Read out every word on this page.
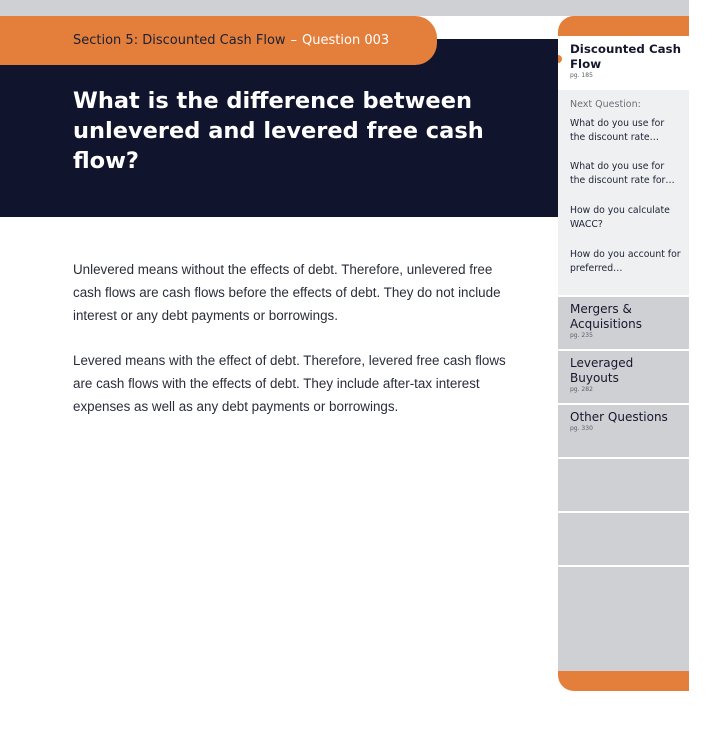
Section 5: Discounted Cash Flow – Question 003
What is the difference between unlevered and levered free cash flow?

Unlevered means without the effects of debt. Therefore, unlevered free cash flows are cash flows before the effects of debt. They do not include interest or any debt payments or borrowings.

Levered means with the effect of debt. Therefore, levered free cash flows are cash flows with the effects of debt. They include after-tax interest expenses as well as any debt payments or borrowings.

Discounted Cash Flow
pg. 185
Next Question:
What do you use for the discount rate…
What do you use for the discount rate for…
How do you calculate WACC?
How do you account for preferred…
Mergers & Acquisitions
pg. 235
Leveraged Buyouts
pg. 282
Other Questions
pg. 330
